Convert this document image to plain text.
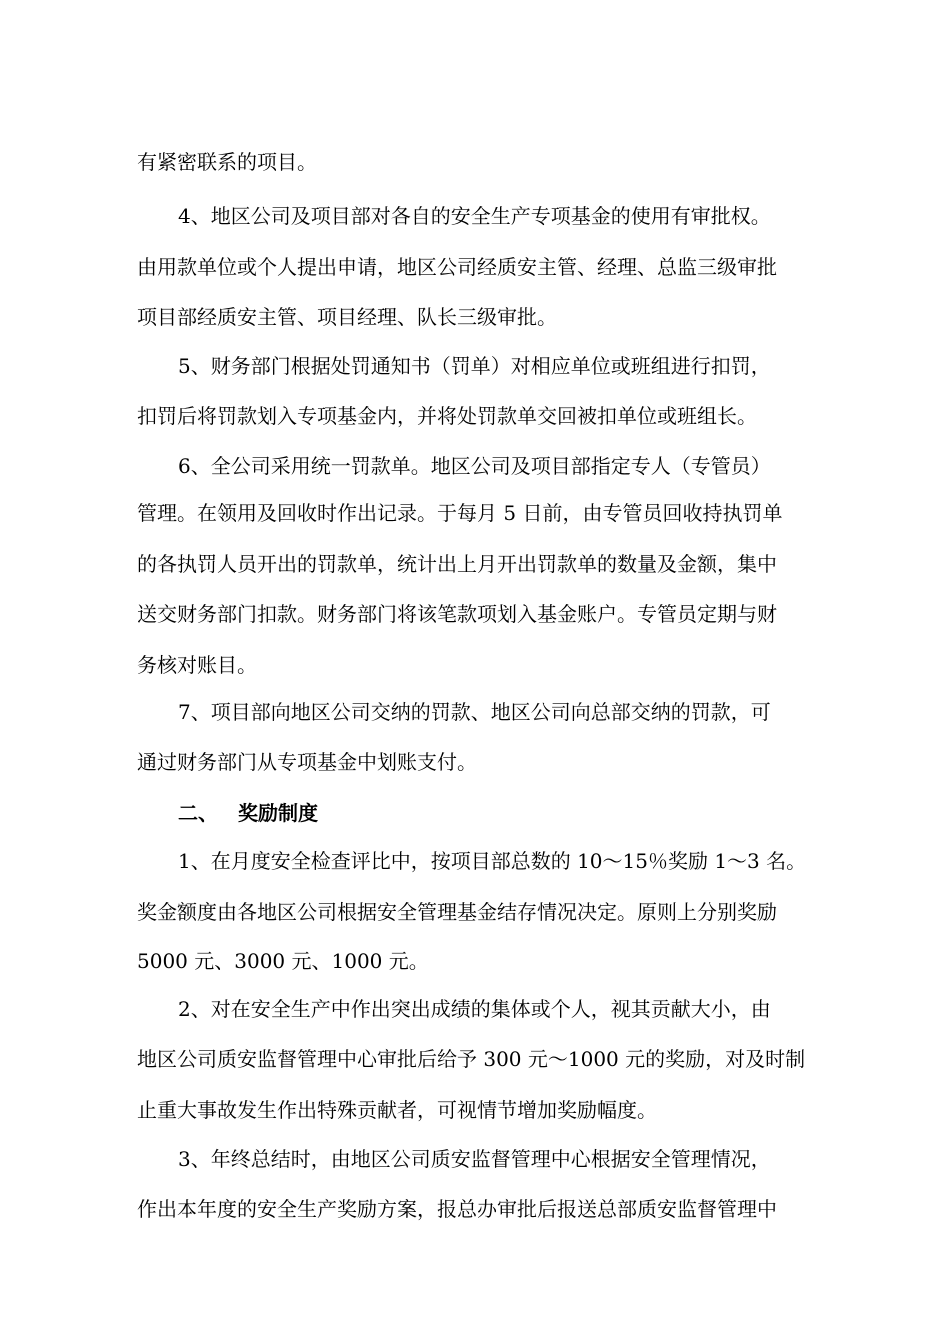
有紧密联系的项目。
4、地区公司及项目部对各自的安全生产专项基金的使用有审批权。
由用款单位或个人提出申请，地区公司经质安主管、经理、总监三级审批
项目部经质安主管、项目经理、队长三级审批。
5、财务部门根据处罚通知书（罚单）对相应单位或班组进行扣罚，
扣罚后将罚款划入专项基金内，并将处罚款单交回被扣单位或班组长。
6、全公司采用统一罚款单。地区公司及项目部指定专人（专管员）
管理。在领用及回收时作出记录。于每月 5 日前，由专管员回收持执罚单
的各执罚人员开出的罚款单，统计出上月开出罚款单的数量及金额，集中
送交财务部门扣款。财务部门将该笔款项划入基金账户。专管员定期与财
务核对账目。
7、项目部向地区公司交纳的罚款、地区公司向总部交纳的罚款，可
通过财务部门从专项基金中划账支付。
二、 奖励制度
1、在月度安全检查评比中，按项目部总数的 10～15％奖励 1～3 名。
奖金额度由各地区公司根据安全管理基金结存情况决定。原则上分别奖励
5000 元、3000 元、1000 元。
2、对在安全生产中作出突出成绩的集体或个人，视其贡献大小，由
地区公司质安监督管理中心审批后给予 300 元～1000 元的奖励，对及时制
止重大事故发生作出特殊贡献者，可视情节增加奖励幅度。
3、年终总结时，由地区公司质安监督管理中心根据安全管理情况，
作出本年度的安全生产奖励方案，报总办审批后报送总部质安监督管理中
